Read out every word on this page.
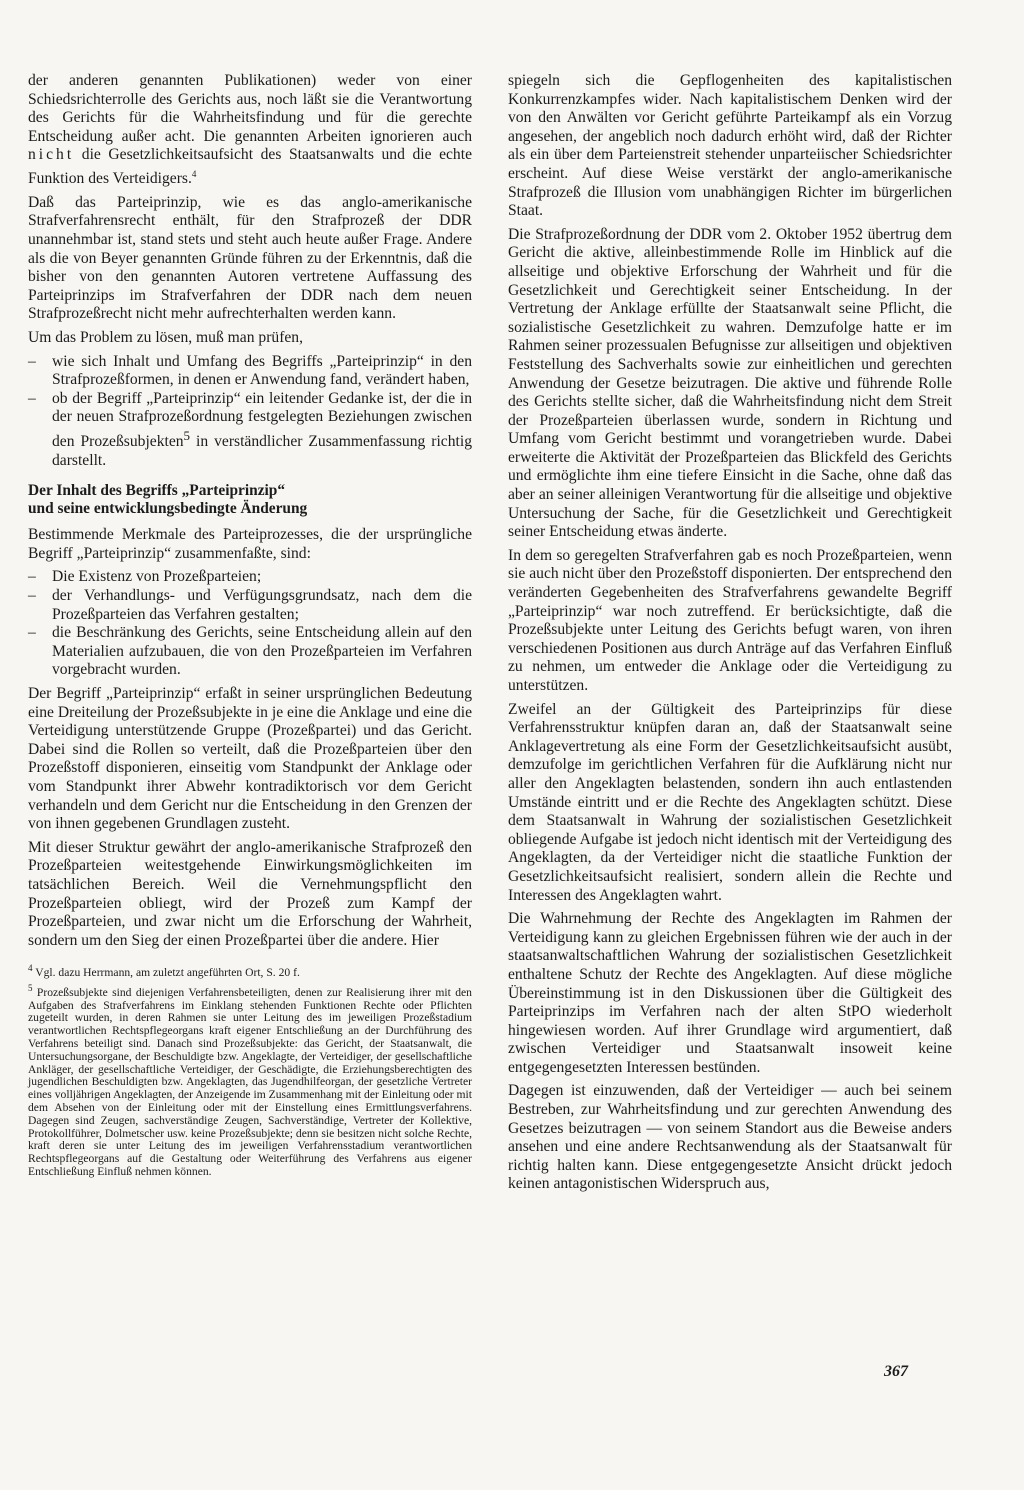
der anderen genannten Publikationen) weder von einer Schiedsrichterrolle des Gerichts aus, noch läßt sie die Verantwortung des Gerichts für die Wahrheitsfindung und für die gerechte Entscheidung außer acht. Die genannten Arbeiten ignorieren auch nicht die Gesetzlichkeitsaufsicht des Staatsanwalts und die echte Funktion des Verteidigers.$^4$

Daß das Parteiprinzip, wie es das anglo-amerikanische Strafverfahrensrecht enthält, für den Strafprozeß der DDR unannehmbar ist, stand stets und steht auch heute außer Frage. Andere als die von Beyer genannten Gründe führen zu der Erkenntnis, daß die bisher von den genannten Autoren vertretene Auffassung des Parteiprinzips im Strafverfahren der DDR nach dem neuen Strafprozeßrecht nicht mehr aufrechterhalten werden kann.

Um das Problem zu lösen, muß man prüfen,

– wie sich Inhalt und Umfang des Begriffs „Parteiprinzip“ in den Strafprozeßformen, in denen er Anwendung fand, verändert haben,
– ob der Begriff „Parteiprinzip“ ein leitender Gedanke ist, der die in der neuen Strafprozeßordnung festgelegten Beziehungen zwischen den Prozeßsubjekten$^5$ in verständlicher Zusammenfassung richtig darstellt.
Der Inhalt des Begriffs „Parteiprinzip“
und seine entwicklungsbedingte Änderung

Bestimmende Merkmale des Parteiprozesses, die der ursprüngliche Begriff „Parteiprinzip“ zusammenfaßte, sind:

– Die Existenz von Prozeßparteien;
– der Verhandlungs- und Verfügungsgrundsatz, nach dem die Prozeßparteien das Verfahren gestalten;
– die Beschränkung des Gerichts, seine Entscheidung allein auf den Materialien aufzubauen, die von den Prozeßparteien im Verfahren vorgebracht wurden.

Der Begriff „Parteiprinzip“ erfaßt in seiner ursprünglichen Bedeutung eine Dreiteilung der Prozeßsubjekte in je eine die Anklage und eine die Verteidigung unterstützende Gruppe (Prozeßpartei) und das Gericht. Dabei sind die Rollen so verteilt, daß die Prozeßparteien über den Prozeßstoff disponieren, einseitig vom Standpunkt der Anklage oder vom Standpunkt ihrer Abwehr kontradiktorisch vor dem Gericht verhandeln und dem Gericht nur die Entscheidung in den Grenzen der von ihnen gegebenen Grundlagen zusteht.

Mit dieser Struktur gewährt der anglo-amerikanische Strafprozeß den Prozeßparteien weitestgehende Einwirkungsmöglichkeiten im tatsächlichen Bereich. Weil die Vernehmungspflicht den Prozeßparteien obliegt, wird der Prozeß zum Kampf der Prozeßparteien, und zwar nicht um die Erforschung der Wahrheit, sondern um den Sieg der einen Prozeßpartei über die andere. Hier

$^4$ Vgl. dazu Herrmann, am zuletzt angeführten Ort, S. 20 f.

$^5$ Prozeßsubjekte sind diejenigen Verfahrensbeteiligten, denen zur Realisierung ihrer mit den Aufgaben des Strafverfahrens im Einklang stehenden Funktionen Rechte oder Pflichten zugeteilt wurden, in deren Rahmen sie unter Leitung des im jeweiligen Prozeßstadium verantwortlichen Rechtspflegeorgans kraft eigener Entschließung an der Durchführung des Verfahrens beteiligt sind. Danach sind Prozeßsubjekte: das Gericht, der Staatsanwalt, die Untersuchungsorgane, der Beschuldigte bzw. Angeklagte, der Verteidiger, der gesellschaftliche Ankläger, der gesellschaftliche Verteidiger, der Geschädigte, die Erziehungsberechtigten des jugendlichen Beschuldigten bzw. Angeklagten, das Jugendhilfeorgan, der gesetzliche Vertreter eines volljährigen Angeklagten, der Anzeigende im Zusammenhang mit der Einleitung oder mit dem Absehen von der Einleitung oder mit der Einstellung eines Ermittlungsverfahrens. Dagegen sind Zeugen, sachverständige Zeugen, Sachverständige, Vertreter der Kollektive, Protokollführer, Dolmetscher usw. keine Prozeßsubjekte; denn sie besitzen nicht solche Rechte, kraft deren sie unter Leitung des im jeweiligen Verfahrensstadium verantwortlichen Rechtspflegeorgans auf die Gestaltung oder Weiterführung des Verfahrens aus eigener Entschließung Einfluß nehmen können.

spiegeln sich die Gepflogenheiten des kapitalistischen Konkurrenzkampfes wider. Nach kapitalistischem Denken wird der von den Anwälten vor Gericht geführte Parteikampf als ein Vorzug angesehen, der angeblich noch dadurch erhöht wird, daß der Richter als ein über dem Parteienstreit stehender unparteiischer Schiedsrichter erscheint. Auf diese Weise verstärkt der anglo-amerikanische Strafprozeß die Illusion vom unabhängigen Richter im bürgerlichen Staat.

Die Strafprozeßordnung der DDR vom 2. Oktober 1952 übertrug dem Gericht die aktive, alleinbestimmende Rolle im Hinblick auf die allseitige und objektive Erforschung der Wahrheit und für die Gesetzlichkeit und Gerechtigkeit seiner Entscheidung. In der Vertretung der Anklage erfüllte der Staatsanwalt seine Pflicht, die sozialistische Gesetzlichkeit zu wahren. Demzufolge hatte er im Rahmen seiner prozessualen Befugnisse zur allseitigen und objektiven Feststellung des Sachverhalts sowie zur einheitlichen und gerechten Anwendung der Gesetze beizutragen. Die aktive und führende Rolle des Gerichts stellte sicher, daß die Wahrheitsfindung nicht dem Streit der Prozeßparteien überlassen wurde, sondern in Richtung und Umfang vom Gericht bestimmt und vorangetrieben wurde. Dabei erweiterte die Aktivität der Prozeßparteien das Blickfeld des Gerichts und ermöglichte ihm eine tiefere Einsicht in die Sache, ohne daß das aber an seiner alleinigen Verantwortung für die allseitige und objektive Untersuchung der Sache, für die Gesetzlichkeit und Gerechtigkeit seiner Entscheidung etwas änderte.

In dem so geregelten Strafverfahren gab es noch Prozeßparteien, wenn sie auch nicht über den Prozeßstoff disponierten. Der entsprechend den veränderten Gegebenheiten des Strafverfahrens gewandelte Begriff „Parteiprinzip“ war noch zutreffend. Er berücksichtigte, daß die Prozeßsubjekte unter Leitung des Gerichts befugt waren, von ihren verschiedenen Positionen aus durch Anträge auf das Verfahren Einfluß zu nehmen, um entweder die Anklage oder die Verteidigung zu unterstützen.

Zweifel an der Gültigkeit des Parteiprinzips für diese Verfahrensstruktur knüpfen daran an, daß der Staatsanwalt seine Anklagevertretung als eine Form der Gesetzlichkeitsaufsicht ausübt, demzufolge im gerichtlichen Verfahren für die Aufklärung nicht nur aller den Angeklagten belastenden, sondern ihn auch entlastenden Umstände eintritt und er die Rechte des Angeklagten schützt. Diese dem Staatsanwalt in Wahrung der sozialistischen Gesetzlichkeit obliegende Aufgabe ist jedoch nicht identisch mit der Verteidigung des Angeklagten, da der Verteidiger nicht die staatliche Funktion der Gesetzlichkeitsaufsicht realisiert, sondern allein die Rechte und Interessen des Angeklagten wahrt.

Die Wahrnehmung der Rechte des Angeklagten im Rahmen der Verteidigung kann zu gleichen Ergebnissen führen wie der auch in der staatsanwaltschaftlichen Wahrung der sozialistischen Gesetzlichkeit enthaltene Schutz der Rechte des Angeklagten. Auf diese mögliche Übereinstimmung ist in den Diskussionen über die Gültigkeit des Parteiprinzips im Verfahren nach der alten StPO wiederholt hingewiesen worden. Auf ihrer Grundlage wird argumentiert, daß zwischen Verteidiger und Staatsanwalt insoweit keine entgegengesetzten Interessen bestünden.

Dagegen ist einzuwenden, daß der Verteidiger — auch bei seinem Bestreben, zur Wahrheitsfindung und zur gerechten Anwendung des Gesetzes beizutragen — von seinem Standort aus die Beweise anders ansehen und eine andere Rechtsanwendung als der Staatsanwalt für richtig halten kann. Diese entgegengesetzte Ansicht drückt jedoch keinen antagonistischen Widerspruch aus,

367
